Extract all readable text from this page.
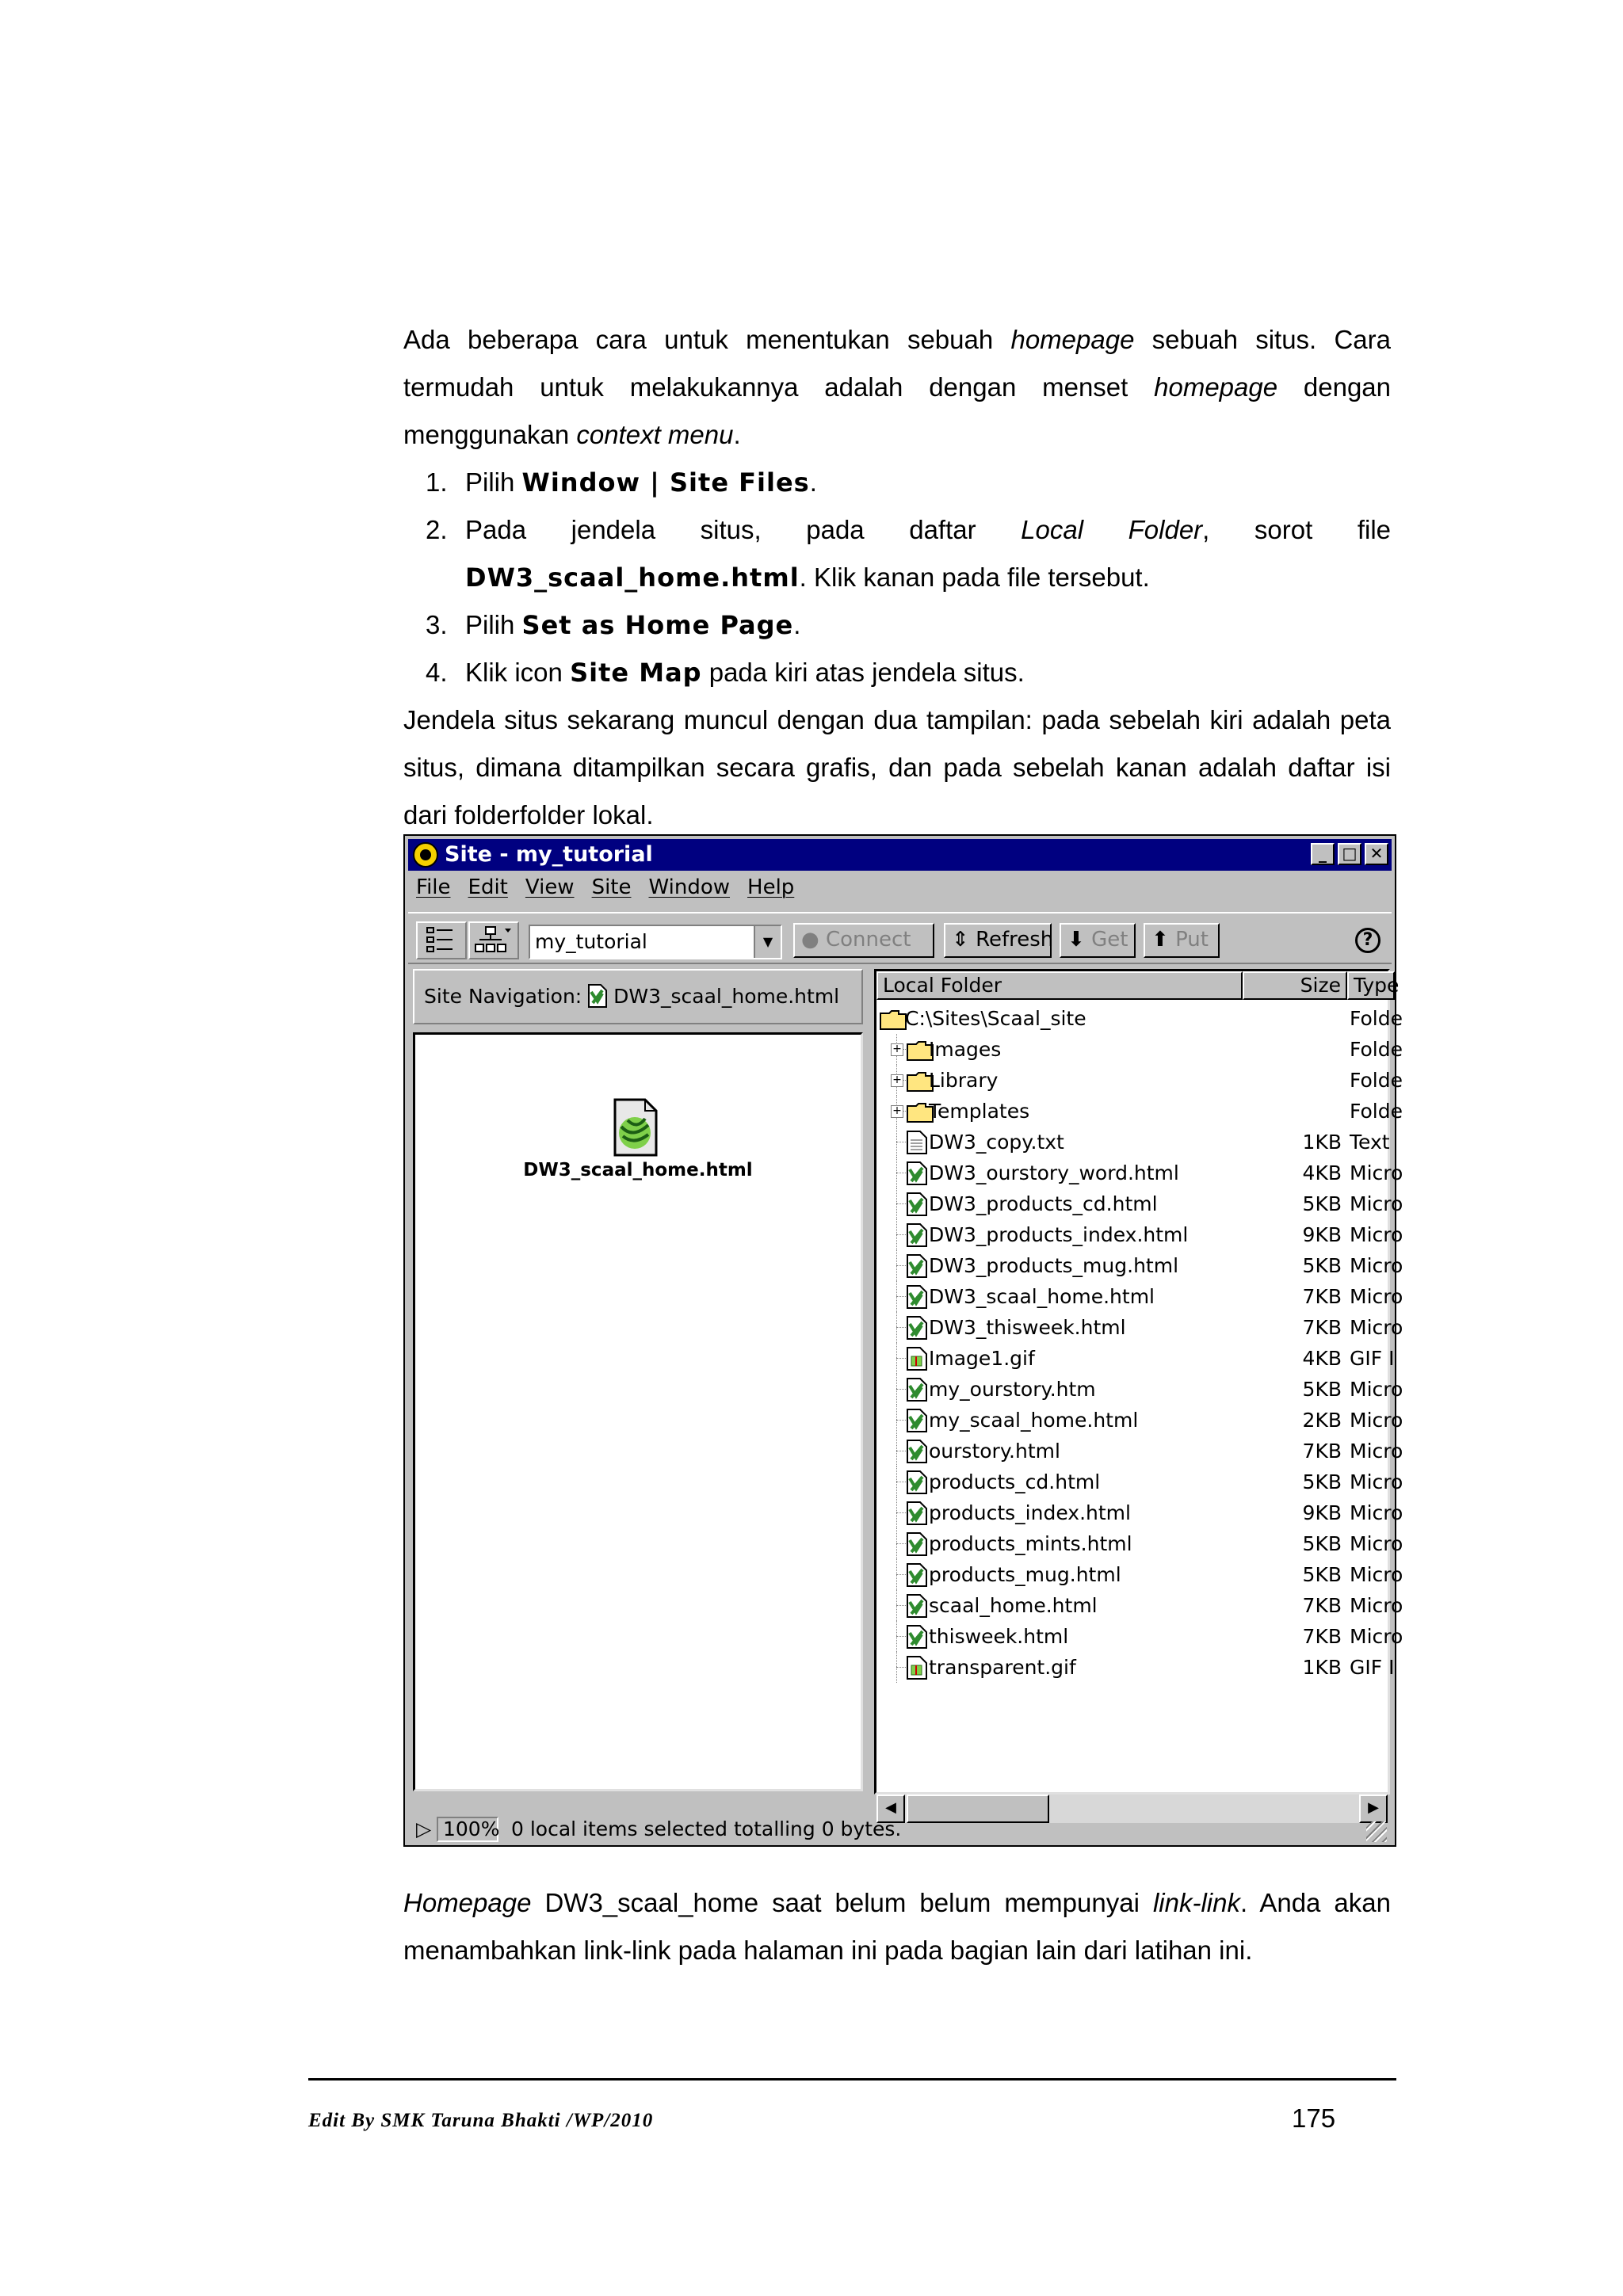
Ada beberapa cara untuk menentukan sebuah homepage sebuah situs. Cara termudah untuk melakukannya adalah dengan menset homepage dengan menggunakan context menu.

1. Pilih Window | Site Files.
2. Pada jendela situs, pada daftar Local Folder, sorot file
DW3_scaal_home.html. Klik kanan pada file tersebut.
3. Pilih Set as Home Page.
4. Klik icon Site Map pada kiri atas jendela situs.

Jendela situs sekarang muncul dengan dua tampilan: pada sebelah kiri adalah peta situs, dimana ditampilkan secara grafis, dan pada sebelah kanan adalah daftar isi dari folderfolder lokal.

Site - my_tutorial	_ □ ✕
File Edit View Site Window Help
my_tutorial	▼	● Connect	⇕ Refresh ⬇ Get	⬆ Put	?
Site Navigation: DW3_scaal_home.html
DW3_scaal_home.html
Local Folder	Size Type
C:\Sites\Scaal_site	Folde
+ Images	Folde
+ Library	Folde
+ Templates	Folde
DW3_copy.txt	1KB Text
DW3_ourstory_word.html	4KB Micro
DW3_products_cd.html	5KB Micro
DW3_products_index.html	9KB Micro
DW3_products_mug.html	5KB Micro
DW3_scaal_home.html	7KB Micro
DW3_thisweek.html	7KB Micro
Image1.gif	4KB GIF I
my_ourstory.htm	5KB Micro
my_scaal_home.html	2KB Micro
ourstory.html	7KB Micro
products_cd.html	5KB Micro
products_index.html	9KB Micro
products_mints.html	5KB Micro
products_mug.html	5KB Micro
scaal_home.html	7KB Micro
thisweek.html	7KB Micro
transparent.gif	1KB GIF I
◀	▶
▷ 100% 0 local items selected totalling 0 bytes.

Homepage DW3_scaal_home saat belum belum mempunyai link-link. Anda akan menambahkan link-link pada halaman ini pada bagian lain dari latihan ini.

Edit By SMK Taruna Bhakti /WP/2010	175
